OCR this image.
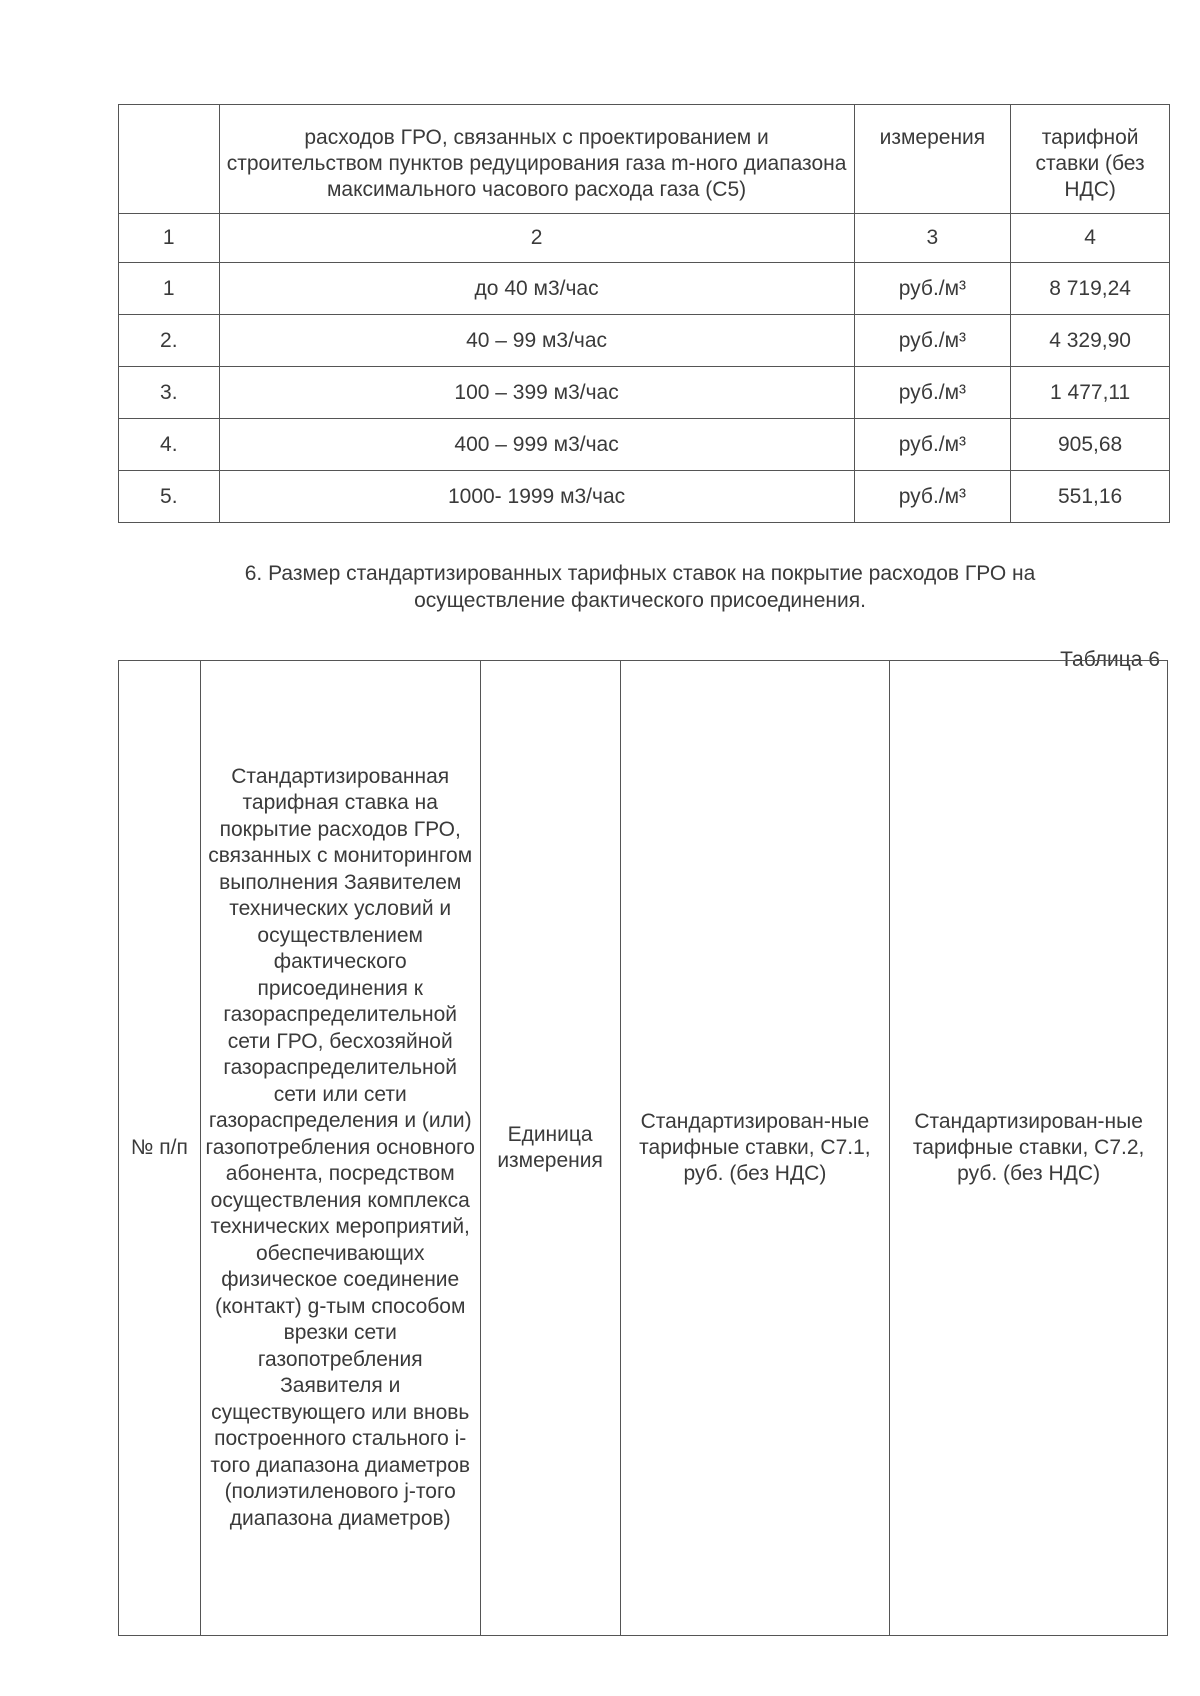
	расходов ГРО, связанных с проектированием и строительством пунктов редуцирования газа m-ного диапазона максимального часового расхода газа (С5)	измерения	тарифной ставки (без НДС)
1	2	3	4
1	до 40 м3/час	руб./м³	8 719,24
2.	40 – 99 м3/час	руб./м³	4 329,90
3.	100 – 399 м3/час	руб./м³	1 477,11
4.	400 – 999 м3/час	руб./м³	905,68
5.	1000- 1999 м3/час	руб./м³	551,16
6. Размер стандартизированных тарифных ставок на покрытие расходов ГРО на осуществление фактического присоединения.
Таблица 6
№ п/п	Стандартизированная тарифная ставка на покрытие расходов ГРО, связанных с мониторингом выполнения Заявителем технических условий и осуществлением фактического присоединения к газораспределительной сети ГРО, бесхозяйной газораспределительной сети или сети газораспределения и (или) газопотребления основного абонента, посредством осуществления комплекса технических мероприятий, обеспечивающих физическое соединение (контакт) g-тым способом врезки сети газопотребления Заявителя и существующего или вновь построенного стального i-того диапазона диаметров (полиэтиленового j-того диапазона диаметров)	Единица измерения	Стандартизирован-ные тарифные ставки, С7.1, руб. (без НДС)	Стандартизирован-ные тарифные ставки, С7.2, руб. (без НДС)
